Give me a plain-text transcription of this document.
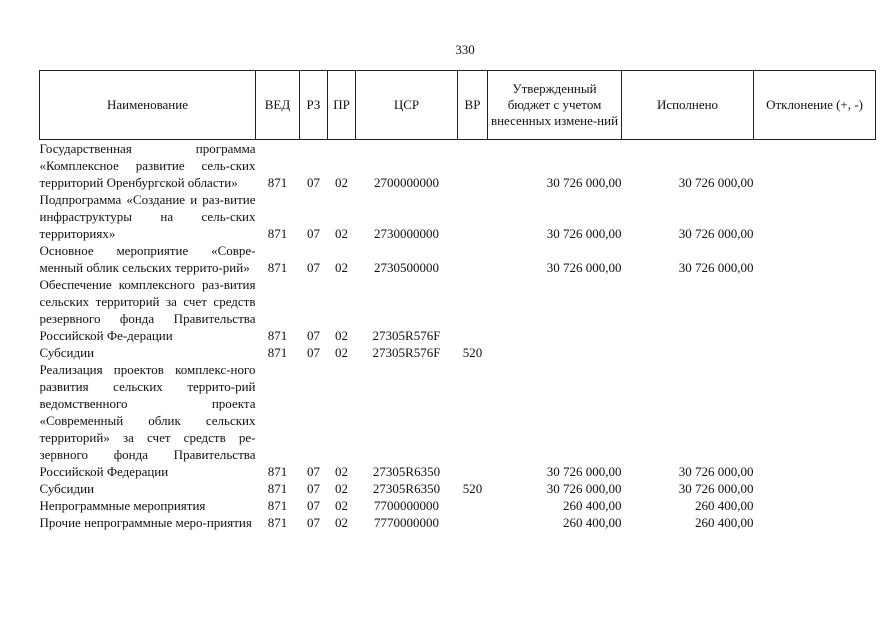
330
Наименование	ВЕД	РЗ	ПР	ЦСР	ВР	Утвержденный бюджет с учетом внесенных измене-ний	Исполнено	Отклонение (+, -)
Государственная программа «Комплексное развитие сель-ских территорий Оренбургской области»	871	07	02	2700000000		30 726 000,00	30 726 000,00	
Подпрограмма «Создание и раз-витие инфраструктуры на сель-ских территориях»	871	07	02	2730000000		30 726 000,00	30 726 000,00	
Основное мероприятие «Совре-менный облик сельских террито-рий»	871	07	02	2730500000		30 726 000,00	30 726 000,00	
Обеспечение комплексного раз-вития сельских территорий за счет средств резервного фонда Правительства Российской Фе-дерации	871	07	02	27305R576F				
Субсидии	871	07	02	27305R576F	520			
Реализация проектов комплекс-ного развития сельских террито-рий ведомственного проекта «Современный облик сельских территорий» за счет средств ре-зервного фонда Правительства Российской Федерации	871	07	02	27305R6350		30 726 000,00	30 726 000,00	
Субсидии	871	07	02	27305R6350	520	30 726 000,00	30 726 000,00	
Непрограммные мероприятия	871	07	02	7700000000		260 400,00	260 400,00	
Прочие непрограммные меро-приятия	871	07	02	7770000000		260 400,00	260 400,00	
